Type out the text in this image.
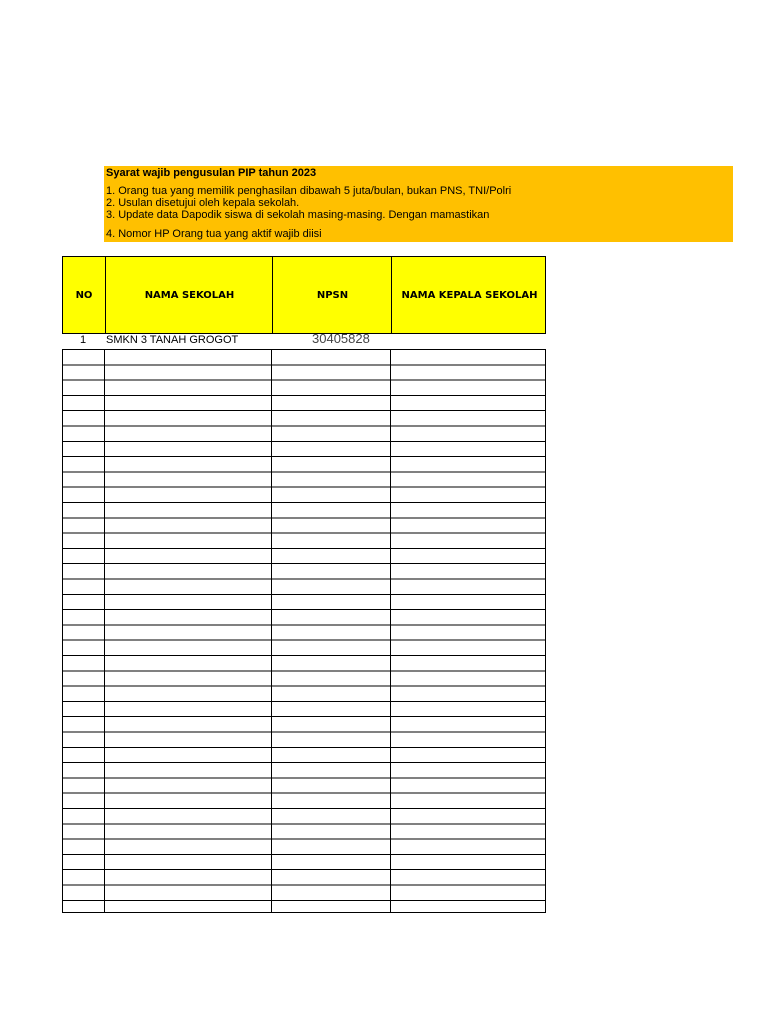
Syarat wajib pengusulan PIP tahun 2023
1. Orang tua yang memilik penghasilan dibawah 5 juta/bulan, bukan PNS, TNI/Polri
2. Usulan disetujui oleh kepala sekolah.
3. Update data Dapodik siswa di sekolah masing-masing. Dengan mamastikan
4. Nomor HP Orang tua yang aktif wajib diisi
NO	NAMA SEKOLAH	NPSN	NAMA KEPALA SEKOLAH
1 SMKN 3 TANAH GROGOT	30405828
